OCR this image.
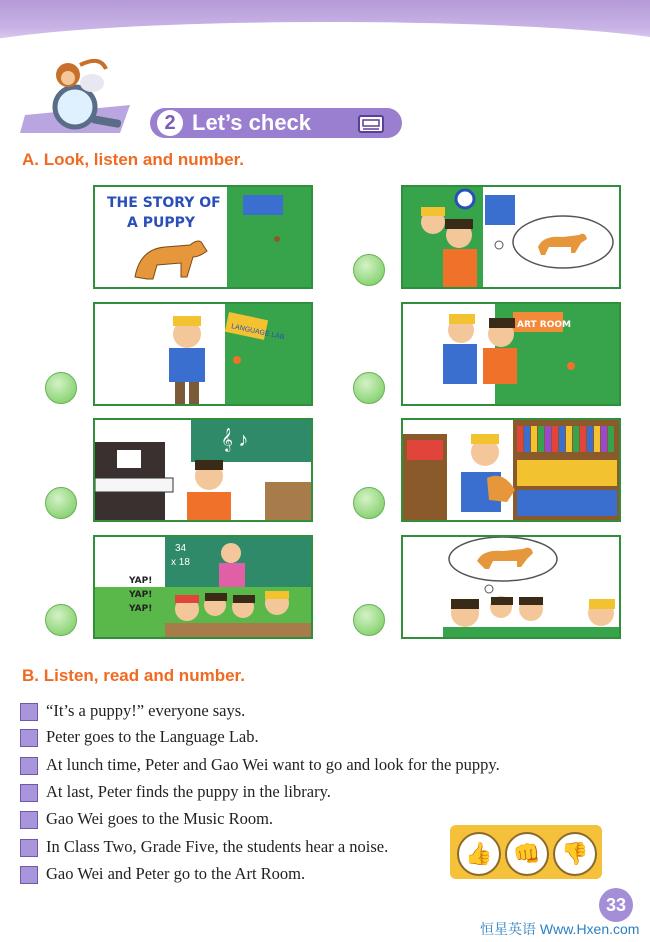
2 Let’s check
A. Look, listen and number.
THE STORY OF
A PUPPY
LANGUAGE LAB	ART ROOM
𝄞 ♪
34
x 18
YAP!
YAP!
YAP!
B. Listen, read and number.
“It’s a puppy!” everyone says.
Peter goes to the Language Lab.
At lunch time, Peter and Gao Wei want to go and look for the puppy.
At last, Peter finds the puppy in the library.
Gao Wei goes to the Music Room.
In Class Two, Grade Five, the students hear a noise.
Gao Wei and Peter go to the Art Room.
👍 👊 👎
33
恒星英语 Www.Hxen.com
